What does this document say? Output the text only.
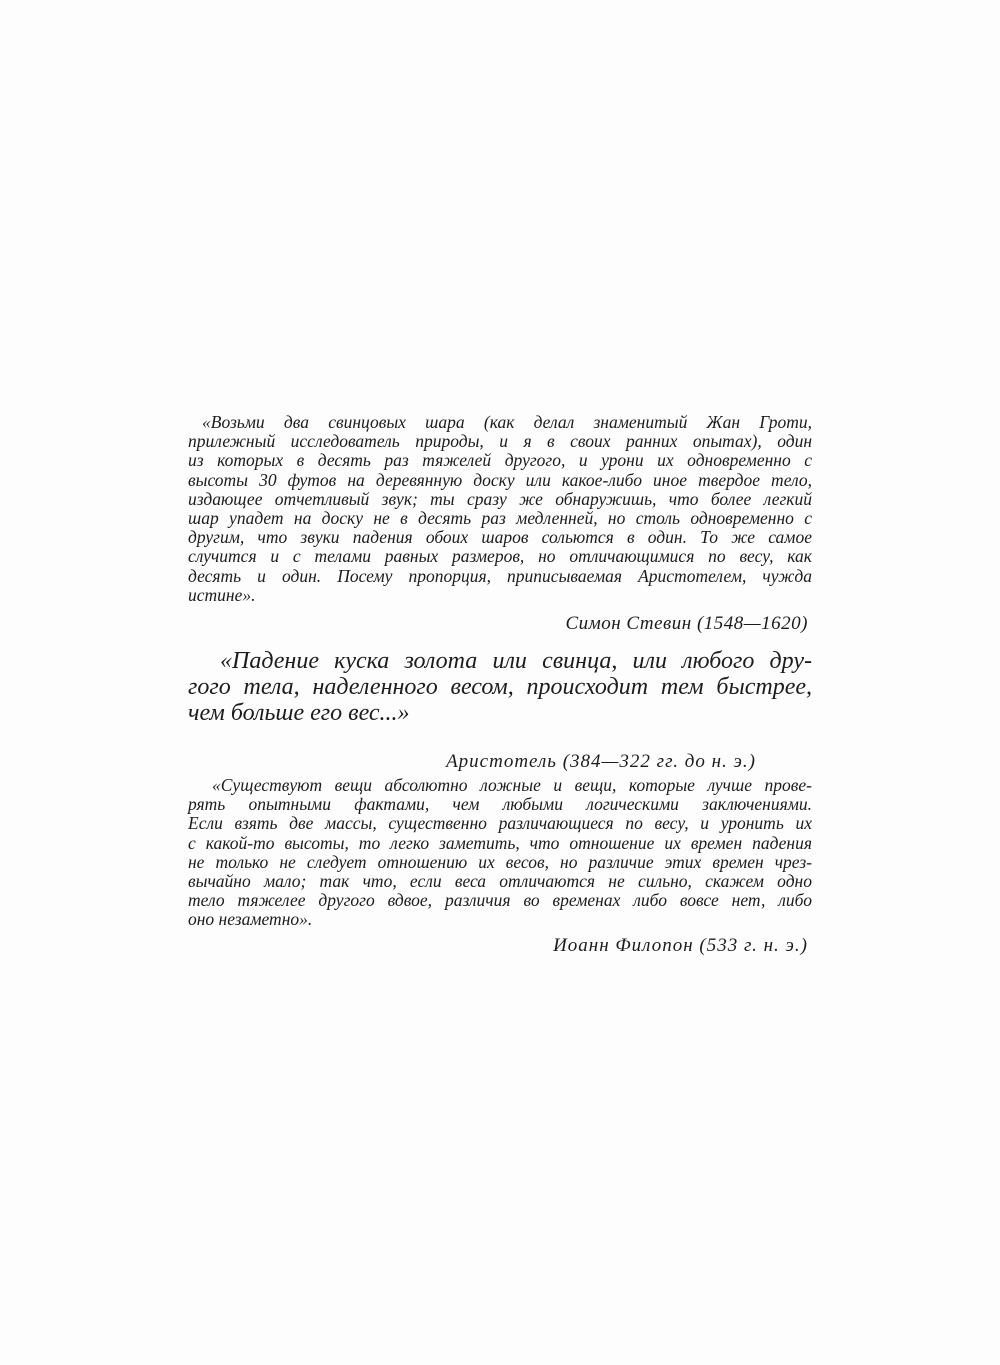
«Возьми два свинцовых шара (как делал знаменитый Жан Гроти,
прилежный исследователь природы, и я в своих ранних опытах), один
из которых в десять раз тяжелей другого, и урони их одновременно с
высоты 30 футов на деревянную доску или какое-либо иное твердое тело,
издающее отчетливый звук; ты сразу же обнаружишь, что более легкий
шар упадет на доску не в десять раз медленней, но столь одновременно с
другим, что звуки падения обоих шаров сольются в один. То же самое
случится и с телами равных размеров, но отличающимися по весу, как
десять и один. Посему пропорция, приписываемая Аристотелем, чужда
истине».

Симон Стевин (1548—1620)

«Падение куска золота или свинца, или любого дру-
гого тела, наделенного весом, происходит тем быстрее,
чем больше его вес...»

Аристотель (384—322 гг. до н. э.)

«Существуют вещи абсолютно ложные и вещи, которые лучше прове-
рять опытными фактами, чем любыми логическими заключениями.
Если взять две массы, существенно различающиеся по весу, и уронить их
с какой-то высоты, то легко заметить, что отношение их времен падения
не только не следует отношению их весов, но различие этих времен чрез-
вычайно мало; так что, если веса отличаются не сильно, скажем одно
тело тяжелее другого вдвое, различия во временах либо вовсе нет, либо
оно незаметно».

Иоанн Филопон (533 г. н. э.)
